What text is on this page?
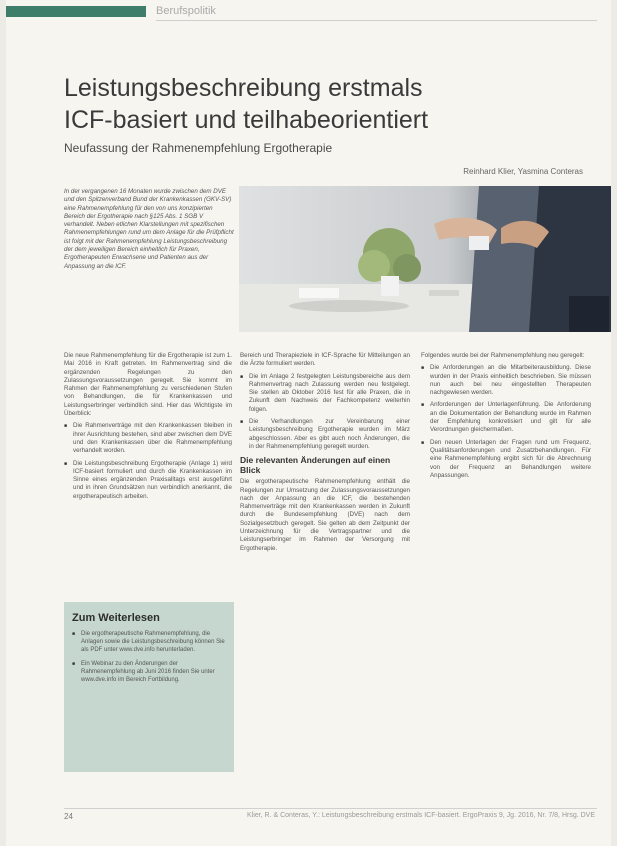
Berufspolitik
Leistungsbeschreibung erstmals
ICF-basiert und teilhabeorientiert
Neufassung der Rahmenempfehlung Ergotherapie
Reinhard Klier, Yasmina Conteras
In der vergangenen 16 Monaten wurde zwischen dem DVE und den Spitzenverband Bund der Krankenkassen (GKV-SV) eine Rahmenempfehlung für den von uns konzipierten Bereich der Ergotherapie nach §125 Abs. 1 SGB V verhandelt. Neben etlichen Klarstellungen mit spezifischen Rahmenempfehlungen rund um dem Anlage für die Prüfpflicht ist folgt mit der Rahmenempfehlung Leistungsbeschreibung der dem jeweiligen Bereich einheitlich für Praxen, Ergotherapeuten Erwachsene und Patienten aus der Anpassung an die ICF.

Die neue Rahmenempfehlung für die Ergotherapie ist zum 1. Mai 2016 in Kraft getreten. Im Rahmenvertrag sind die ergänzenden Regelungen zu den Zulassungsvoraussetzungen geregelt. Sie kommt im Rahmen der Rahmenempfehlung zu verschiedenen Stufen von Behandlungen, die für Krankenkassen und Leistungserbringer verbindlich sind. Hier das Wichtigste im Überblick:

■ Die Rahmenverträge mit den Krankenkassen bleiben in ihrer Ausrichtung bestehen, sind aber zwischen dem DVE und den Krankenkassen über die Rahmenempfehlung verhandelt worden.
■ Die Leistungsbeschreibung Ergotherapie (Anlage 1) wird ICF-basiert formuliert und durch die Krankenkassen im Sinne eines ergänzenden Praxisalltags erst ausgeführt und in ihren Grundsätzen nun verbindlich anerkannt, die ergotherapeutisch arbeiten.
Zum Weiterlesen
■ Die ergotherapeutische Rahmenempfehlung, die Anlagen sowie die Leistungsbeschreibung können Sie als PDF unter www.dve.info herunterladen.
■ Ein Webinar zu den Änderungen der Rahmenempfehlung ab Juni 2016 finden Sie unter www.dve.info im Bereich Fortbildung.

Bereich und Therapieziele in ICF-Sprache für Mitteilungen an die Ärzte formuliert werden.

■ Die im Anlage 2 festgelegten Leistungsbereiche aus dem Rahmenvertrag nach Zulassung werden neu festgelegt. Sie stellen ab Oktober 2016 fest für alle Praxen, die in Zukunft dem Nachweis der Fachkompetenz weiterhin folgen.
■ Die Verhandlungen zur Vereinbarung einer Leistungsbeschreibung Ergotherapie wurden im März abgeschlossen. Aber es gibt auch noch Änderungen, die in der Rahmenempfehlung geregelt wurden.
Die relevanten Änderungen auf einen Blick

Die ergotherapeutische Rahmenempfehlung enthält die Regelungen zur Umsetzung der Zulassungsvoraussetzungen nach der Anpassung an die ICF, die bestehenden Rahmenverträge mit den Krankenkassen werden in Zukunft durch die Bundesempfehlung (DVE) nach dem Sozialgesetzbuch geregelt. Sie gelten ab dem Zeitpunkt der Unterzeichnung für die Vertragspartner und die Leistungserbringer im Rahmen der Versorgung mit Ergotherapie.

Folgendes wurde bei der Rahmenempfehlung neu geregelt:

■ Die Anforderungen an die Mitarbeiterausbildung. Diese wurden in der Praxis einheitlich beschrieben. Sie müssen nun auch bei neu eingestellten Therapeuten nachgewiesen werden.
■ Anforderungen der Unterlagenführung. Die Anforderung an die Dokumentation der Behandlung wurde im Rahmen der Empfehlung konkretisiert und gilt für alle Verordnungen gleichermaßen.
■ Den neuen Unterlagen der Fragen rund um Frequenz, Qualitätsanforderungen und Zusatzbehandlungen. Für eine Rahmenempfehlung ergibt sich für die Abrechnung von der Frequenz an Behandlungen weitere Anpassungen.
24	Klier, R. & Conteras, Y.: Leistungsbeschreibung erstmals ICF-basiert. ErgoPraxis 9, Jg. 2016, Nr. 7/8, Hrsg. DVE
